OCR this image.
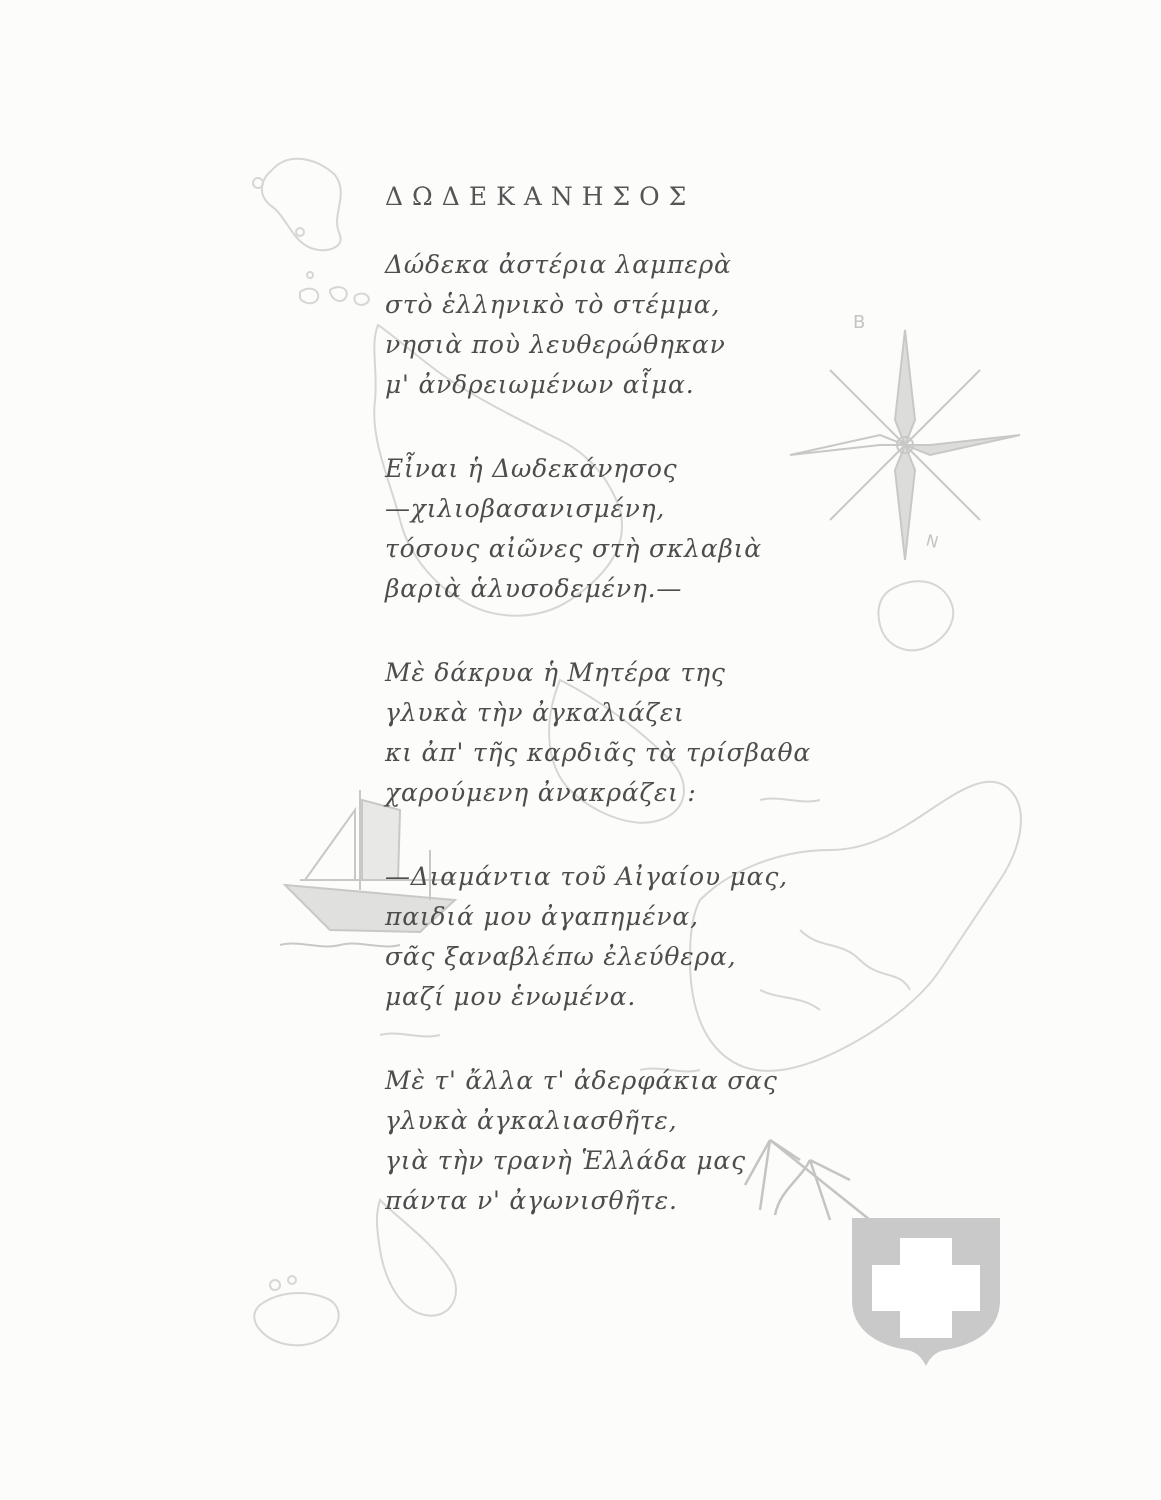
B
N
ΔΩΔΕΚΑΝΗΣΟΣ
Δώδεκα ἀστέρια λαμπερὰ
στὸ ἑλληνικὸ τὸ στέμμα,
νησιὰ ποὺ λευθερώθηκαν
μ' ἀνδρειωμένων αἷμα.
Εἶναι ἡ Δωδεκάνησος
—χιλιοβασανισμένη,
τόσους αἰῶνες στὴ σκλαβιὰ
βαριὰ ἁλυσοδεμένη.—
Μὲ δάκρυα ἡ Μητέρα της
γλυκὰ τὴν ἀγκαλιάζει
κι ἀπ' τῆς καρδιᾶς τὰ τρίσβαθα
χαρούμενη ἀνακράζει :
—Διαμάντια τοῦ Αἰγαίου μας,
παιδιά μου ἀγαπημένα,
σᾶς ξαναβλέπω ἐλεύθερα,
μαζί μου ἑνωμένα.
Μὲ τ' ἄλλα τ' ἀδερφάκια σας
γλυκὰ ἀγκαλιασθῆτε,
γιὰ τὴν τρανὴ Ἑλλάδα μας
πάντα ν' ἀγωνισθῆτε.
